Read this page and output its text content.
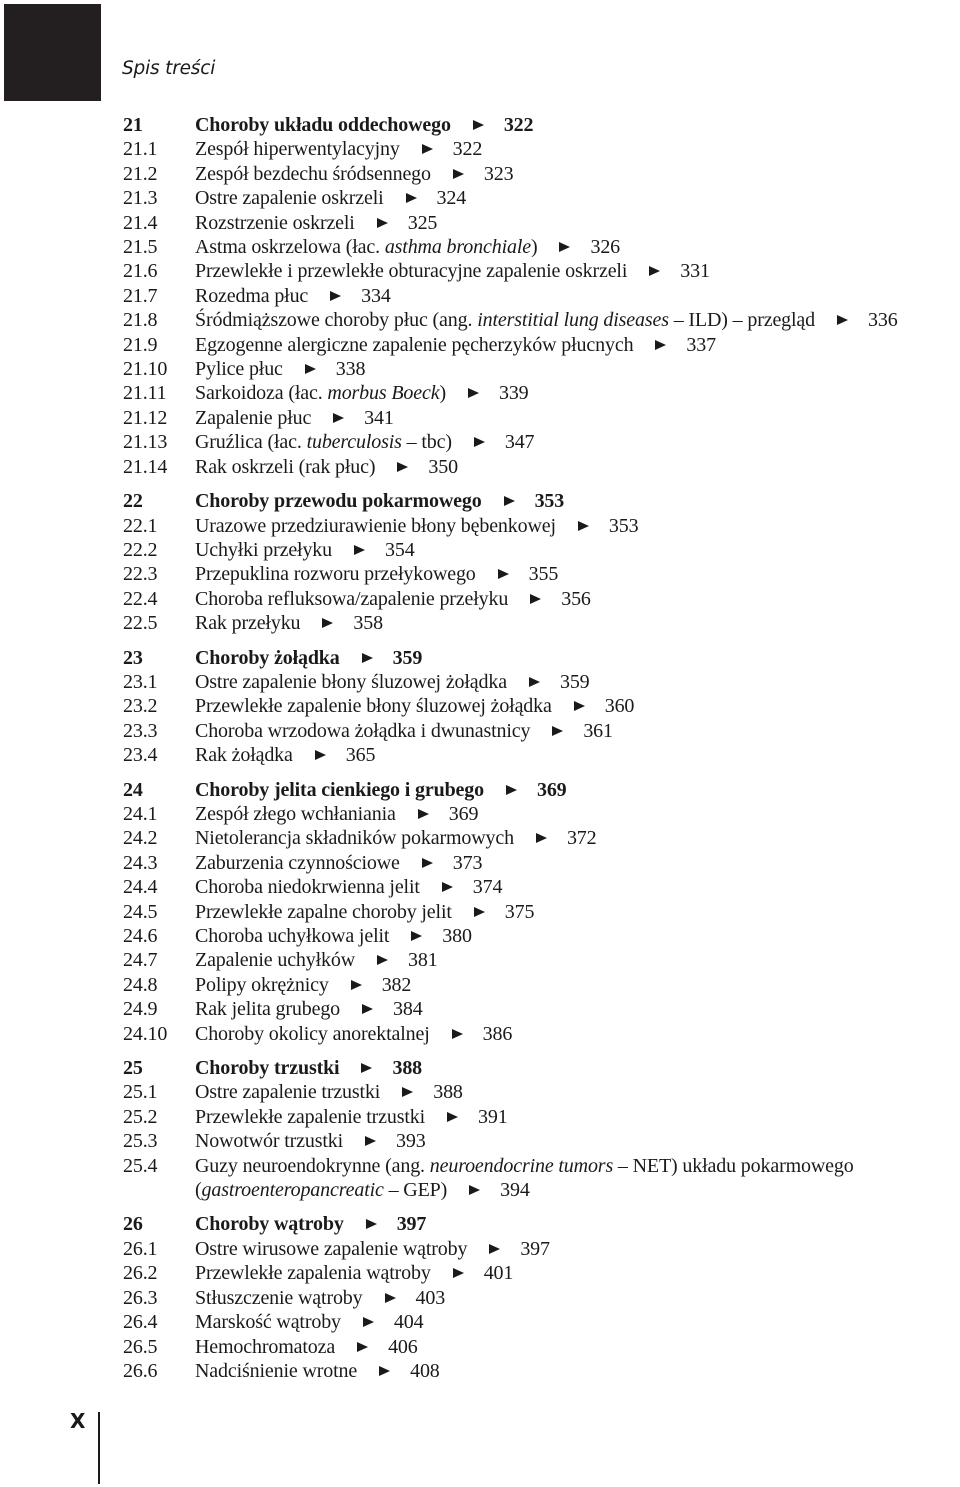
Spis treści
21	Choroby układu oddechowego	322
21.1 Zespół hiperwentylacyjny	322
21.2 Zespół bezdechu śródsennego	323
21.3 Ostre zapalenie oskrzeli	324
21.4 Rozstrzenie oskrzeli	325
21.5 Astma oskrzelowa (łac. asthma bronchiale)	326
21.6 Przewlekłe i przewlekłe obturacyjne zapalenie oskrzeli	331
21.7 Rozedma płuc	334
21.8 Śródmiąższowe choroby płuc (ang. interstitial lung diseases – ILD) – przegląd	336
21.9 Egzogenne alergiczne zapalenie pęcherzyków płucnych	337
21.10 Pylice płuc	338
21.11 Sarkoidoza (łac. morbus Boeck)	339
21.12 Zapalenie płuc	341
21.13 Gruźlica (łac. tuberculosis – tbc)	347
21.14 Rak oskrzeli (rak płuc)	350
22	Choroby przewodu pokarmowego	353
22.1 Urazowe przedziurawienie błony bębenkowej	353
22.2 Uchyłki przełyku	354
22.3 Przepuklina rozworu przełykowego	355
22.4 Choroba refluksowa/zapalenie przełyku	356
22.5 Rak przełyku	358
23	Choroby żołądka	359
23.1 Ostre zapalenie błony śluzowej żołądka	359
23.2 Przewlekłe zapalenie błony śluzowej żołądka	360
23.3 Choroba wrzodowa żołądka i dwunastnicy	361
23.4 Rak żołądka	365
24	Choroby jelita cienkiego i grubego	369
24.1 Zespół złego wchłaniania	369
24.2 Nietolerancja składników pokarmowych	372
24.3 Zaburzenia czynnościowe	373
24.4 Choroba niedokrwienna jelit	374
24.5 Przewlekłe zapalne choroby jelit	375
24.6 Choroba uchyłkowa jelit	380
24.7 Zapalenie uchyłków	381
24.8 Polipy okrężnicy	382
24.9 Rak jelita grubego	384
24.10 Choroby okolicy anorektalnej	386
25	Choroby trzustki	388
25.1 Ostre zapalenie trzustki	388
25.2 Przewlekłe zapalenie trzustki	391
25.3 Nowotwór trzustki	393
25.4 Guzy neuroendokrynne (ang. neuroendocrine tumors – NET) układu pokarmowego (gastroenteropancreatic – GEP)	394
26	Choroby wątroby	397
26.1 Ostre wirusowe zapalenie wątroby	397
26.2 Przewlekłe zapalenia wątroby	401
26.3 Stłuszczenie wątroby	403
26.4 Marskość wątroby	404
26.5 Hemochromatoza	406
26.6 Nadciśnienie wrotne	408
X
